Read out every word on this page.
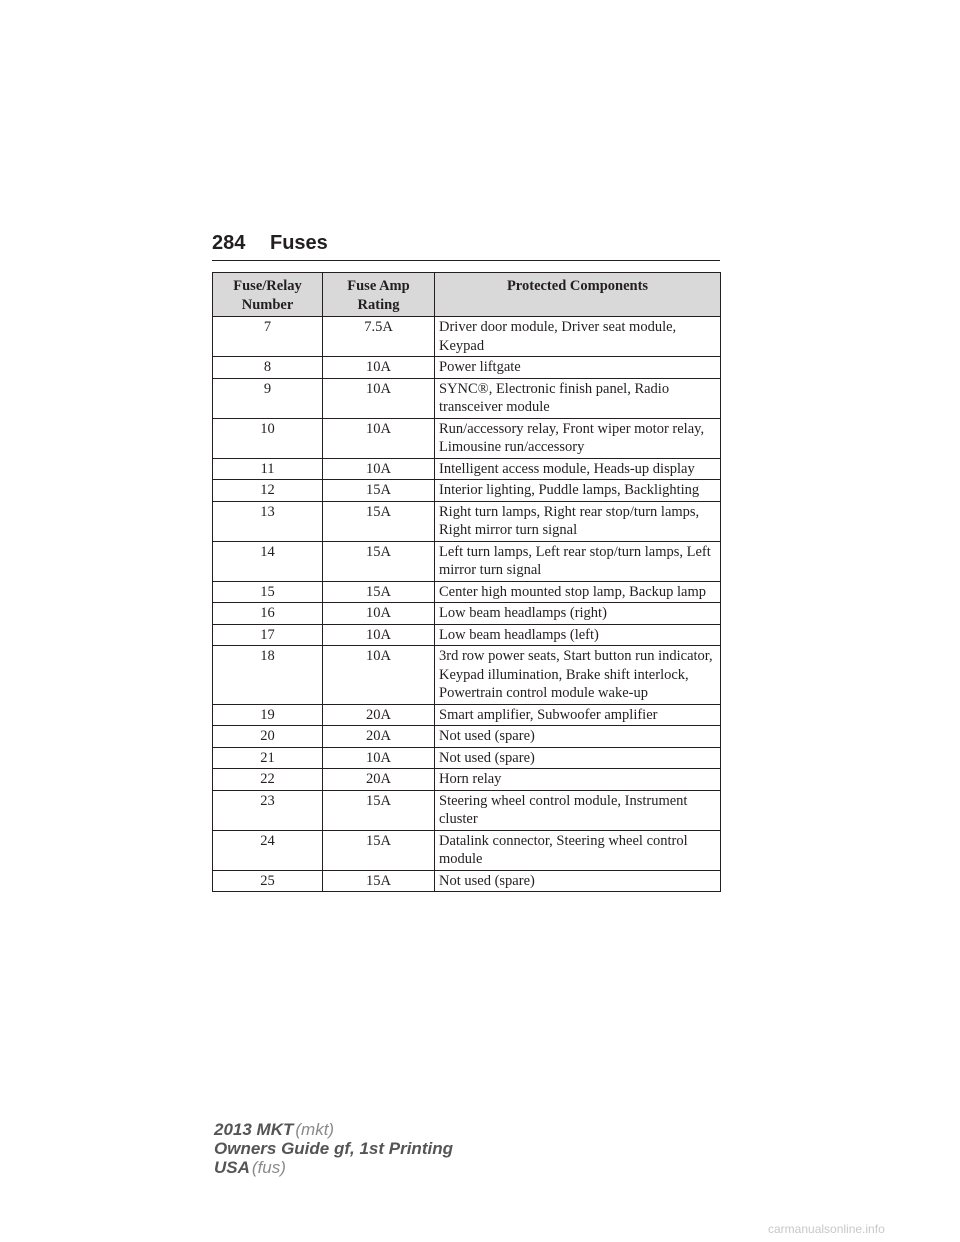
284 Fuses
Fuse/Relay Number	Fuse Amp Rating	Protected Components
7	7.5A	Driver door module, Driver seat module, Keypad
8	10A	Power liftgate
9	10A	SYNC®, Electronic finish panel, Radio transceiver module
10	10A	Run/accessory relay, Front wiper motor relay, Limousine run/accessory
11	10A	Intelligent access module, Heads-up display
12	15A	Interior lighting, Puddle lamps, Backlighting
13	15A	Right turn lamps, Right rear stop/turn lamps, Right mirror turn signal
14	15A	Left turn lamps, Left rear stop/turn lamps, Left mirror turn signal
15	15A	Center high mounted stop lamp, Backup lamp
16	10A	Low beam headlamps (right)
17	10A	Low beam headlamps (left)
18	10A	3rd row power seats, Start button run indicator, Keypad illumination, Brake shift interlock, Powertrain control module wake-up
19	20A	Smart amplifier, Subwoofer amplifier
20	20A	Not used (spare)
21	10A	Not used (spare)
22	20A	Horn relay
23	15A	Steering wheel control module, Instrument cluster
24	15A	Datalink connector, Steering wheel control module
25	15A	Not used (spare)
2013 MKT (mkt)
Owners Guide gf, 1st Printing
USA (fus)
carmanualsonline.info
